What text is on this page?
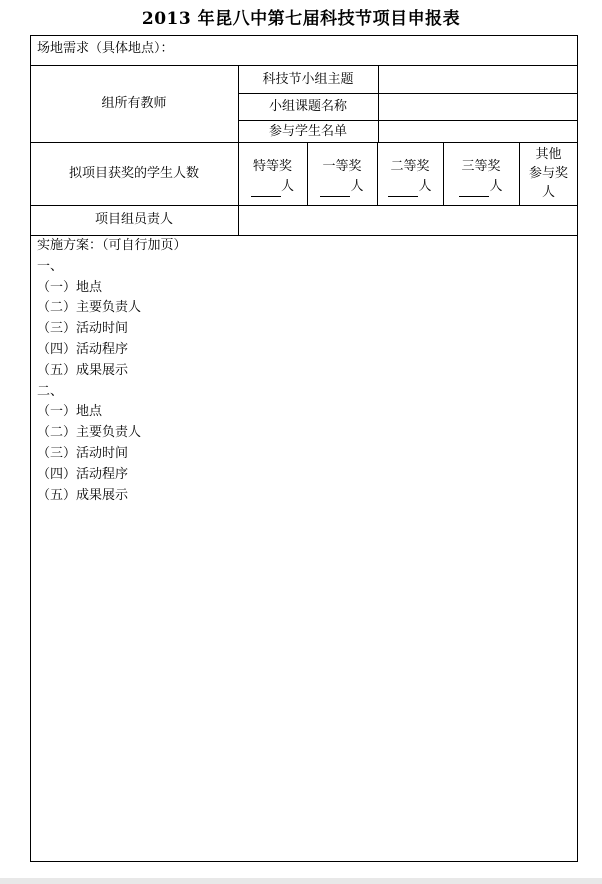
2013 年昆八中第七届科技节项目申报表
场地需求（具体地点）：
组所有教师
科技节小组主题
小组课题名称
参与学生名单
拟项目获奖的学生人数	特等奖
人
一等奖
人
二等奖
人
三等奖
人
其他
参与奖
人
项目组员责人
实施方案：（可自行加页）
一、
（一）地点
（二）主要负责人
（三）活动时间
（四）活动程序
（五）成果展示
二、
（一）地点
（二）主要负责人
（三）活动时间
（四）活动程序
（五）成果展示
